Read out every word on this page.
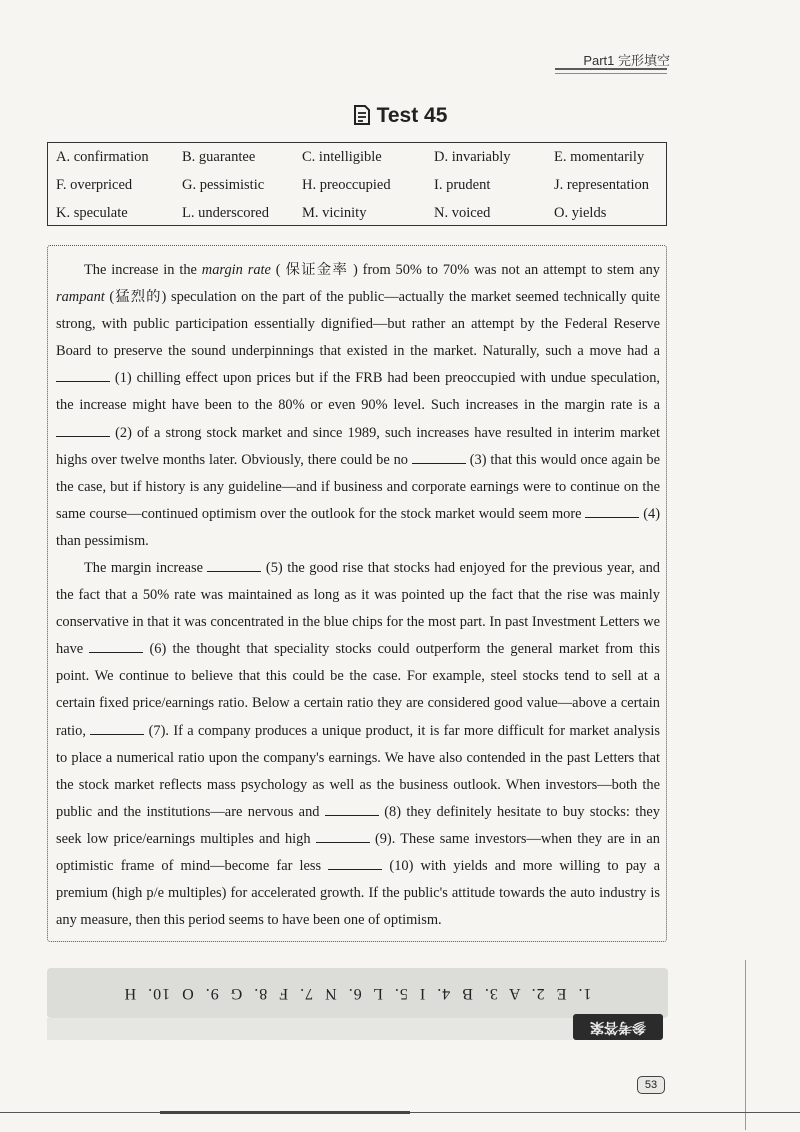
Part1 完形填空
Test 45
A. confirmation B. guarantee	C. intelligible	D. invariably	E. momentarily
F. overpriced	G. pessimistic	H. preoccupied	I. prudent	J. representation
K. speculate	L. underscored M. vicinity	N. voiced	O. yields

The increase in the margin rate ( 保证金率 ) from 50% to 70% was not an attempt to stem any rampant (猛烈的) speculation on the part of the public—actually the market seemed technically quite strong, with public participation essentially dignified—but rather an attempt by the Federal Reserve Board to preserve the sound underpinnings that existed in the market. Naturally, such a move had a  (1) chilling effect upon prices but if the FRB had been preoccupied with undue speculation, the increase might have been to the 80% or even 90% level. Such increases in the margin rate is a  (2) of a strong stock market and since 1989, such increases have resulted in interim market highs over twelve months later. Obviously, there could be no	(3) that this would once again be the case, but if history is any guideline—and if business and corporate earnings were to continue on the same course—continued optimism over the outlook for the stock market would seem more	(4) than pessimism.

The margin increase	(5) the good rise that stocks had enjoyed for the previous year, and the fact that a 50% rate was maintained as long as it was pointed up the fact that the rise was mainly conservative in that it was concentrated in the blue chips for the most part. In past Investment Letters we have	(6) the thought that speciality stocks could outperform the general market from this point. We continue to believe that this could be the case. For example, steel stocks tend to sell at a certain fixed price/earnings ratio. Below a certain ratio they are considered good value—above a certain ratio,	(7). If a company produces a unique product, it is far more difficult for market analysis to place a numerical ratio upon the company's earnings. We have also contended in the past Letters that the stock market reflects mass psychology as well as the business outlook. When investors—both the public and the institutions—are nervous and	(8) they definitely hesitate to buy stocks: they seek low price/earnings multiples and high	(9). These same investors—when they are in an optimistic frame of mind—become far less	(10) with yields and more willing to pay a premium (high p/e multiples) for accelerated growth. If the public's attitude towards the auto industry is any measure, then this period seems to have been one of optimism.

1. E 2. A 3. B 4. I 5. L 6. N 7. F 8. G 9. O 10. H
参考答案
53
